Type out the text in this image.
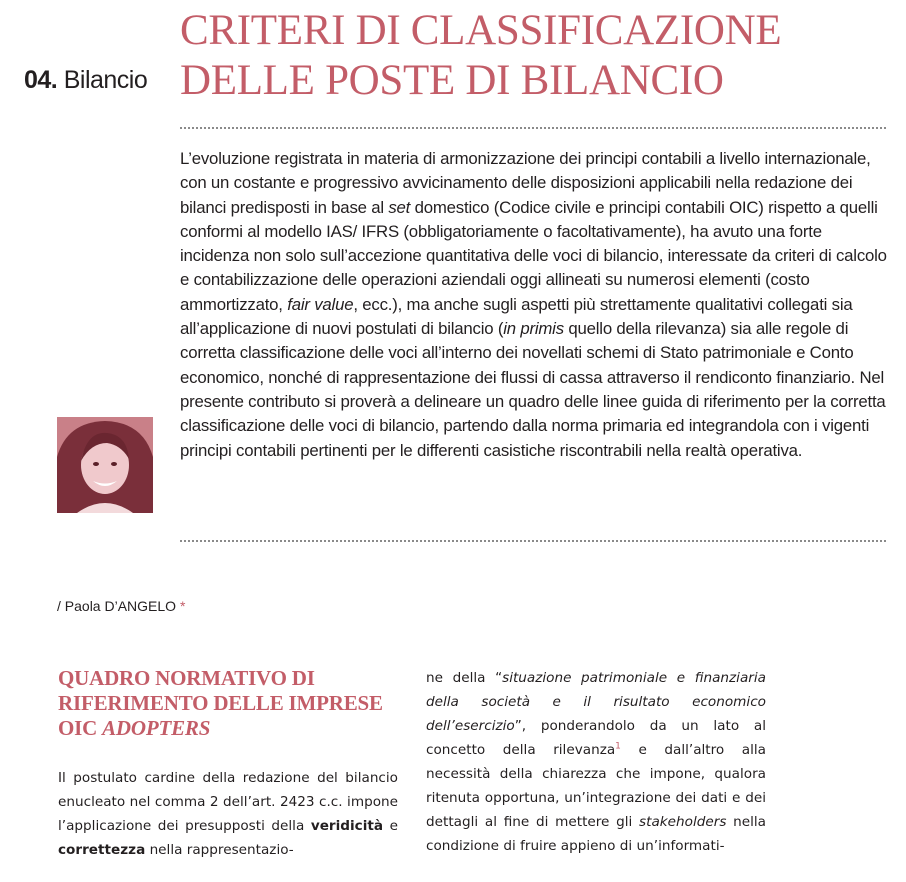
04. Bilancio
CRITERI DI CLASSIFICAZIONE
DELLE POSTE DI BILANCIO

L’evoluzione registrata in materia di armonizzazione dei principi contabili a livello internazionale, con un costante e progressivo avvicinamento delle disposizioni applicabili nella redazione dei bilanci predisposti in base al set domestico (Codice civile e principi contabili OIC) rispetto a quelli conformi al modello IAS/ IFRS (obbligatoriamente o facoltativamente), ha avuto una forte incidenza non solo sull’accezione quantitativa delle voci di bilancio, interessate da criteri di calcolo e contabilizzazione delle operazioni aziendali oggi allineati su numerosi elementi (costo ammortizzato, fair value, ecc.), ma anche sugli aspetti più strettamente qualitativi collegati sia all’applicazione di nuovi postulati di bilancio (in primis quello della rilevanza) sia alle regole di corretta classificazione delle voci all’interno dei novellati schemi di Stato patrimoniale e Conto economico, nonché di rappresentazione dei flussi di cassa attraverso il rendiconto finanziario. Nel presente contributo si proverà a delineare un quadro delle linee guida di riferimento per la corretta classificazione delle voci di bilancio, partendo dalla norma primaria ed integrandola con i vigenti principi contabili pertinenti per le differenti casistiche riscontrabili nella realtà operativa.

/ Paola D’ANGELO *
QUADRO NORMATIVO DI
RIFERIMENTO DELLE IMPRESE
OIC ADOPTERS

Il postulato cardine della redazione del bilancio enucleato nel comma 2 dell’art. 2423 c.c. impone l’applicazione dei presupposti della veridicità e correttezza nella rappresentazio-

ne della “situazione patrimoniale e finanziaria della società e il risultato economico dell’esercizio”, ponderandolo da un lato al concetto della rilevanza$^1$ e dall’altro alla necessità della chiarezza che impone, qualora ritenuta opportuna, un’integrazione dei dati e dei dettagli al fine di mettere gli stakeholders nella condizione di fruire appieno di un’informati-
